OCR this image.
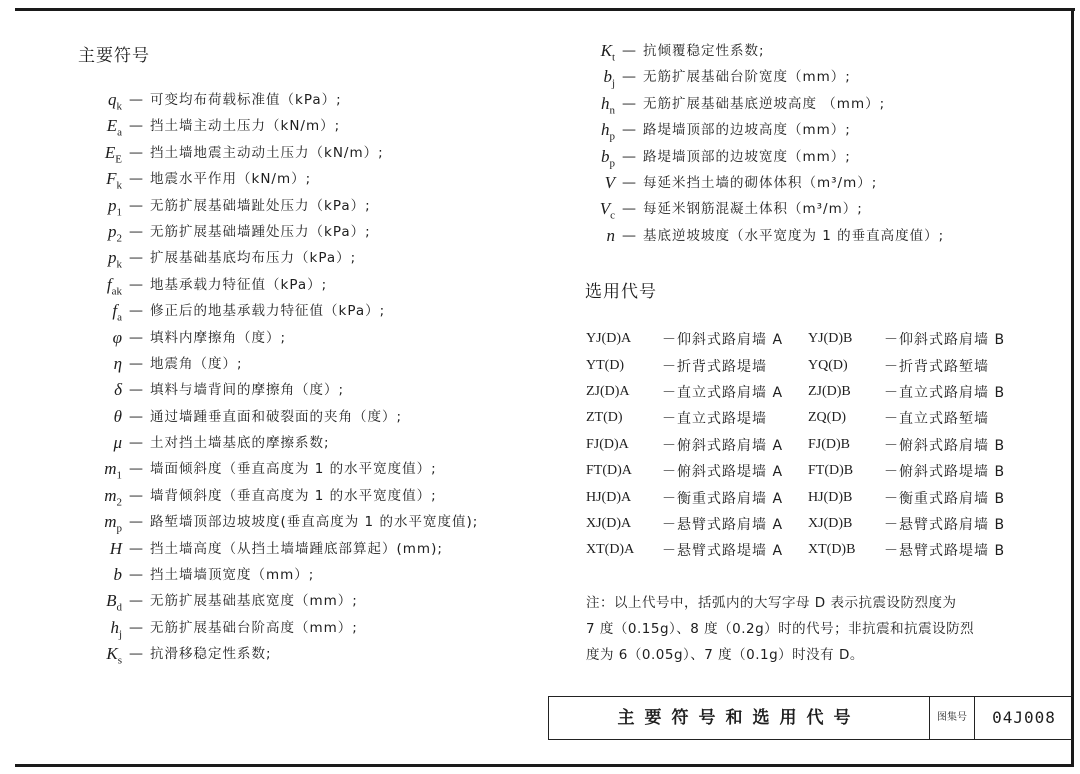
主要符号
$q_k$ — 可变均布荷载标准值（kPa）;
$E_a$ — 挡土墙主动土压力（kN/m）;
$E_E$ — 挡土墙地震主动动土压力（kN/m）;
$F_k$ — 地震水平作用（kN/m）;
$p_1$ — 无筋扩展基础墙趾处压力（kPa）;
$p_2$ — 无筋扩展基础墙踵处压力（kPa）;
$p_k$ — 扩展基础基底均布压力（kPa）;
$f_{ak}$ — 地基承载力特征值（kPa）;
$f_a$ — 修正后的地基承载力特征值（kPa）;
φ — 填料内摩擦角（度）;
η — 地震角（度）;
δ — 填料与墙背间的摩擦角（度）;
θ — 通过墙踵垂直面和破裂面的夹角（度）;
μ — 土对挡土墙基底的摩擦系数;
$m_1$ — 墙面倾斜度（垂直高度为 1 的水平宽度值）;
$m_2$ — 墙背倾斜度（垂直高度为 1 的水平宽度值）;
$m_p$ — 路堑墙顶部边坡坡度(垂直高度为 1 的水平宽度值);
H — 挡土墙高度（从挡土墙墙踵底部算起）(mm);
b — 挡土墙墙顶宽度（mm）;
$B_d$ — 无筋扩展基础基底宽度（mm）;
$h_j$ — 无筋扩展基础台阶高度（mm）;
$K_s$ — 抗滑移稳定性系数;
$K_t$ — 抗倾覆稳定性系数;
$b_j$ — 无筋扩展基础台阶宽度（mm）;
$h_n$ — 无筋扩展基础基底逆坡高度 （mm）;
$h_p$ — 路堤墙顶部的边坡高度（mm）;
$b_p$ — 路堤墙顶部的边坡宽度（mm）;
V — 每延米挡土墙的砌体体积（m³/m）;
$V_c$ — 每延米钢筋混凝土体积（m³/m）;
n — 基底逆坡坡度（水平宽度为 1 的垂直高度值）;
选用代号
YJ(D)A	－仰斜式路肩墙 A	YJ(D)B	－仰斜式路肩墙 B
YT(D)	－折背式路堤墙	YQ(D)	－折背式路堑墙
ZJ(D)A	－直立式路肩墙 A	ZJ(D)B	－直立式路肩墙 B
ZT(D)	－直立式路堤墙	ZQ(D)	－直立式路堑墙
FJ(D)A	－俯斜式路肩墙 A	FJ(D)B	－俯斜式路肩墙 B
FT(D)A	－俯斜式路堤墙 A	FT(D)B	－俯斜式路堤墙 B
HJ(D)A	－衡重式路肩墙 A	HJ(D)B	－衡重式路肩墙 B
XJ(D)A	－悬臂式路肩墙 A	XJ(D)B	－悬臂式路肩墙 B
XT(D)A	－悬臂式路堤墙 A	XT(D)B	－悬臂式路堤墙 B
注：以上代号中，括弧内的大写字母 D 表示抗震设防烈度为
7 度（0.15g）、8 度（0.2g）时的代号；非抗震和抗震设防烈
度为 6（0.05g）、7 度（0.1g）时没有 D。
主要符号和选用代号	图集号	04J008
